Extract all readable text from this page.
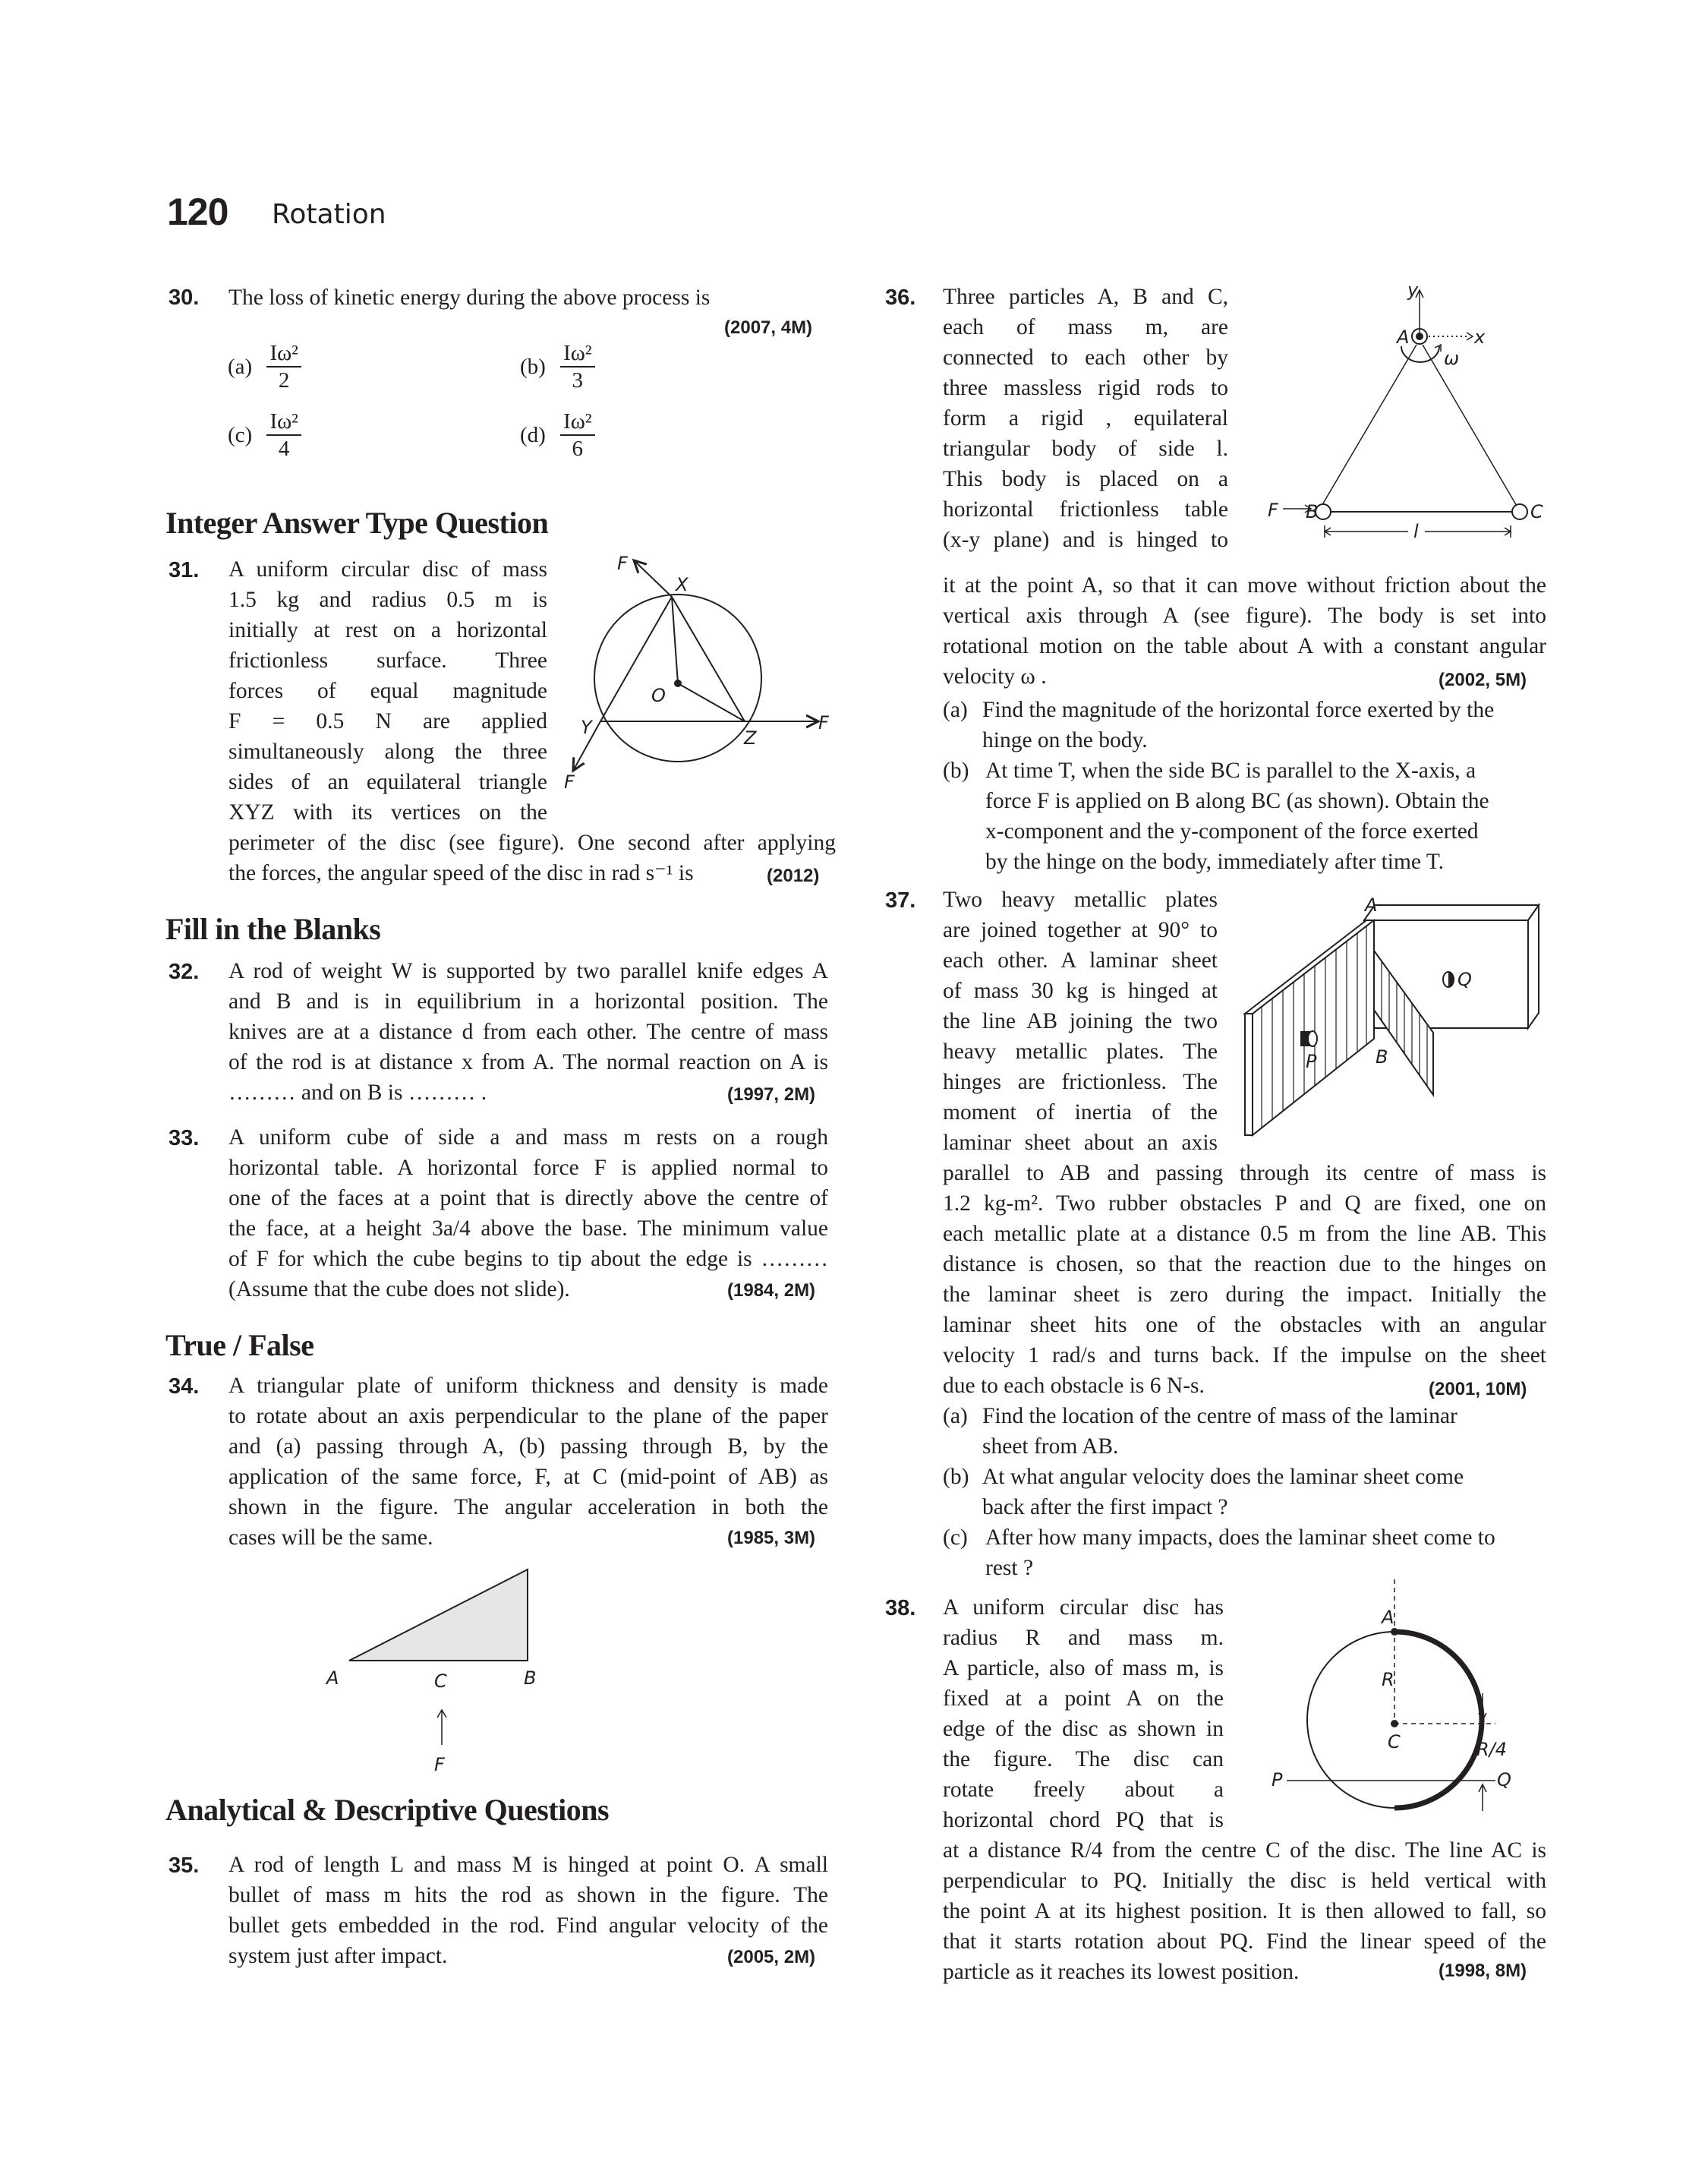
120 Rotation
30. The loss of kinetic energy during the above process is
(2007, 4M)
$(a) \frac{\text{Iω²}}{2}$	$(b) \frac{\text{Iω²}}{3}$
$(c) \frac{\text{Iω²}}{4}$	$(d) \frac{\text{Iω²}}{6}$
Integer Answer Type Question
31. A uniform circular disc of mass
1.5 kg and radius 0.5 m is
initially at rest on a horizontal
frictionless surface. Three
forces of equal magnitude
F = 0.5 N are applied
simultaneously along the three
sides of an equilateral triangle
XYZ with its vertices on the
perimeter of the disc (see figure). One second after applying
the forces, the angular speed of the disc in rad s⁻¹ is	(2012)
F
X
O
Y	Z
F
F
Fill in the Blanks
32. A rod of weight W is supported by two parallel knife edges A
and B and is in equilibrium in a horizontal position. The
knives are at a distance d from each other. The centre of mass
of the rod is at distance x from A. The normal reaction on A is
……… and on B is ……… .	(1997, 2M)
33. A uniform cube of side a and mass m rests on a rough
horizontal table. A horizontal force F is applied normal to
one of the faces at a point that is directly above the centre of
the face, at a height 3a/4 above the base. The minimum value
of F for which the cube begins to tip about the edge is ………
(Assume that the cube does not slide).	(1984, 2M)
True / False
34. A triangular plate of uniform thickness and density is made
to rotate about an axis perpendicular to the plane of the paper
and (a) passing through A, (b) passing through B, by the
application of the same force, F, at C (mid-point of AB) as
shown in the figure. The angular acceleration in both the
cases will be the same.	(1985, 3M)
A	C	B
F
Analytical & Descriptive Questions
35. A rod of length L and mass M is hinged at point O. A small
bullet of mass m hits the rod as shown in the figure. The
bullet gets embedded in the rod. Find angular velocity of the
system just after impact.	(2005, 2M)
36. Three particles A, B and C,
each of mass m, are
connected to each other by
three massless rigid rods to
form a rigid , equilateral
triangular body of side l.
This body is placed on a
horizontal frictionless table
(x-y plane) and is hinged to
it at the point A, so that it can move without friction about the
vertical axis through A (see figure). The body is set into
rotational motion on the table about A with a constant angular
velocity ω .	(2002, 5M)
(a) Find the magnitude of the horizontal force exerted by the
hinge on the body.
(b) At time T, when the side BC is parallel to the X-axis, a
force F is applied on B along BC (as shown). Obtain the
x-component and the y-component of the force exerted
by the hinge on the body, immediately after time T.
y
A	x
ω
F B	C
l
37. Two heavy metallic plates
are joined together at 90° to
each other. A laminar sheet
of mass 30 kg is hinged at
the line AB joining the two
heavy metallic plates. The
hinges are frictionless. The
moment of inertia of the
laminar sheet about an axis
parallel to AB and passing through its centre of mass is
1.2 kg-m². Two rubber obstacles P and Q are fixed, one on
each metallic plate at a distance 0.5 m from the line AB. This
distance is chosen, so that the reaction due to the hinges on
the laminar sheet is zero during the impact. Initially the
laminar sheet hits one of the obstacles with an angular
velocity 1 rad/s and turns back. If the impulse on the sheet
due to each obstacle is 6 N-s.	(2001, 10M)
(a) Find the location of the centre of mass of the laminar
sheet from AB.
(b) At what angular velocity does the laminar sheet come
back after the first impact ?
(c) After how many impacts, does the laminar sheet come to
rest ?
A
Q
P	B
38. A uniform circular disc has
radius R and mass m.
A particle, also of mass m, is
fixed at a point A on the
edge of the disc as shown in
the figure. The disc can
rotate freely about a
horizontal chord PQ that is
at a distance R/4 from the centre C of the disc. The line AC is
perpendicular to PQ. Initially the disc is held vertical with
the point A at its highest position. It is then allowed to fall, so
that it starts rotation about PQ. Find the linear speed of the
particle as it reaches its lowest position.	(1998, 8M)
A
R
C	R/4
P	Q
